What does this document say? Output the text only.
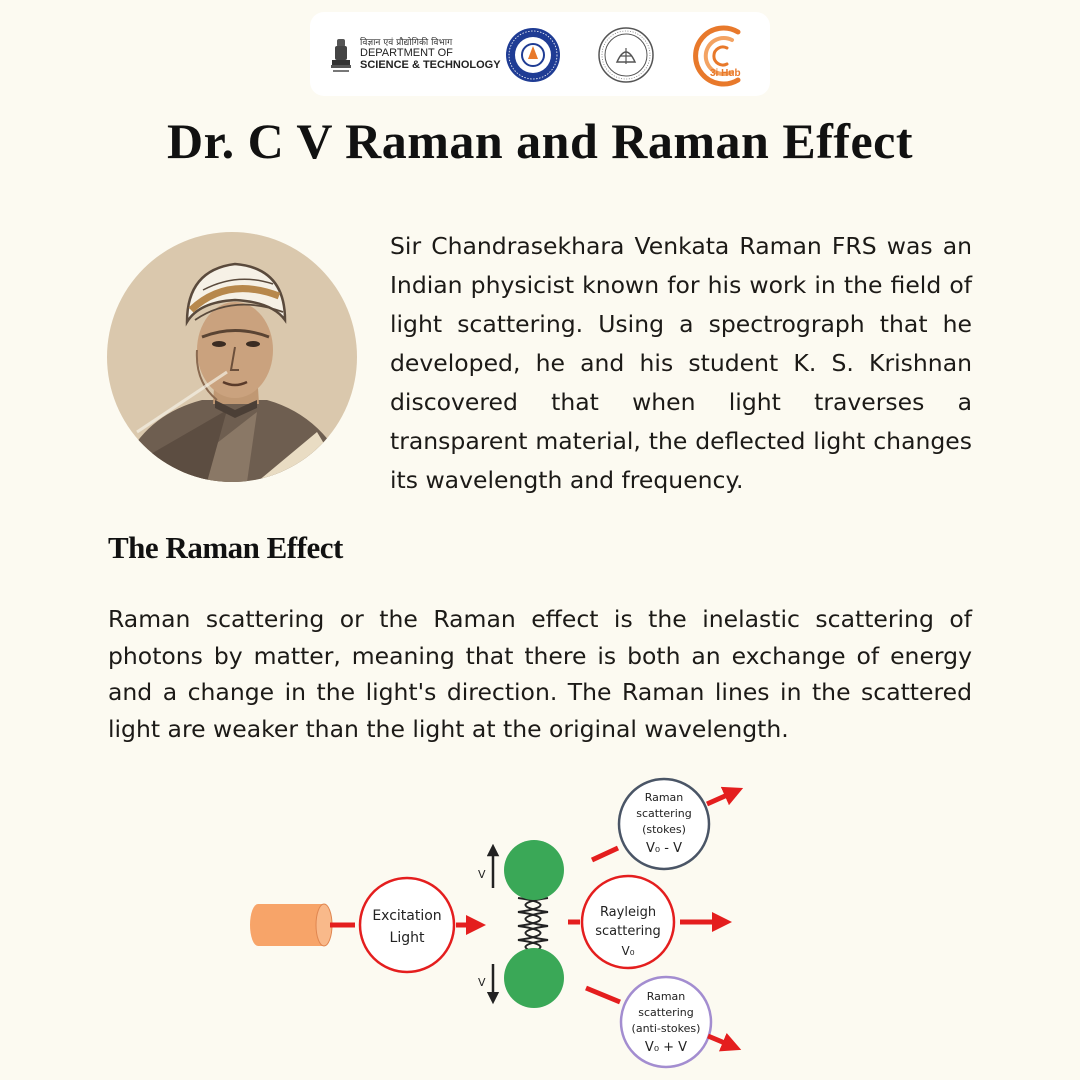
विज्ञान एवं प्रौद्योगिकी विभाग
DEPARTMENT OF
SCIENCE & TECHNOLOGY
3i Hub
Dr. C V Raman and Raman Effect

Sir Chandrasekhara Venkata Raman FRS was an Indian physicist known for his work in the field of light scattering. Using a spectrograph that he developed, he and his student K. S. Krishnan discovered that when light traverses a transparent material, the deflected light changes its wavelength and frequency.

The Raman Effect

Raman scattering or the Raman effect is the inelastic scattering of photons by matter, meaning that there is both an exchange of energy and a change in the light's direction. The Raman lines in the scattered light are weaker than the light at the original wavelength.

Excitation
Light
V
V
Raman
scattering
(stokes)
V₀ - V
Rayleigh
scattering
V₀
Raman
scattering
(anti-stokes)
V₀ + V
